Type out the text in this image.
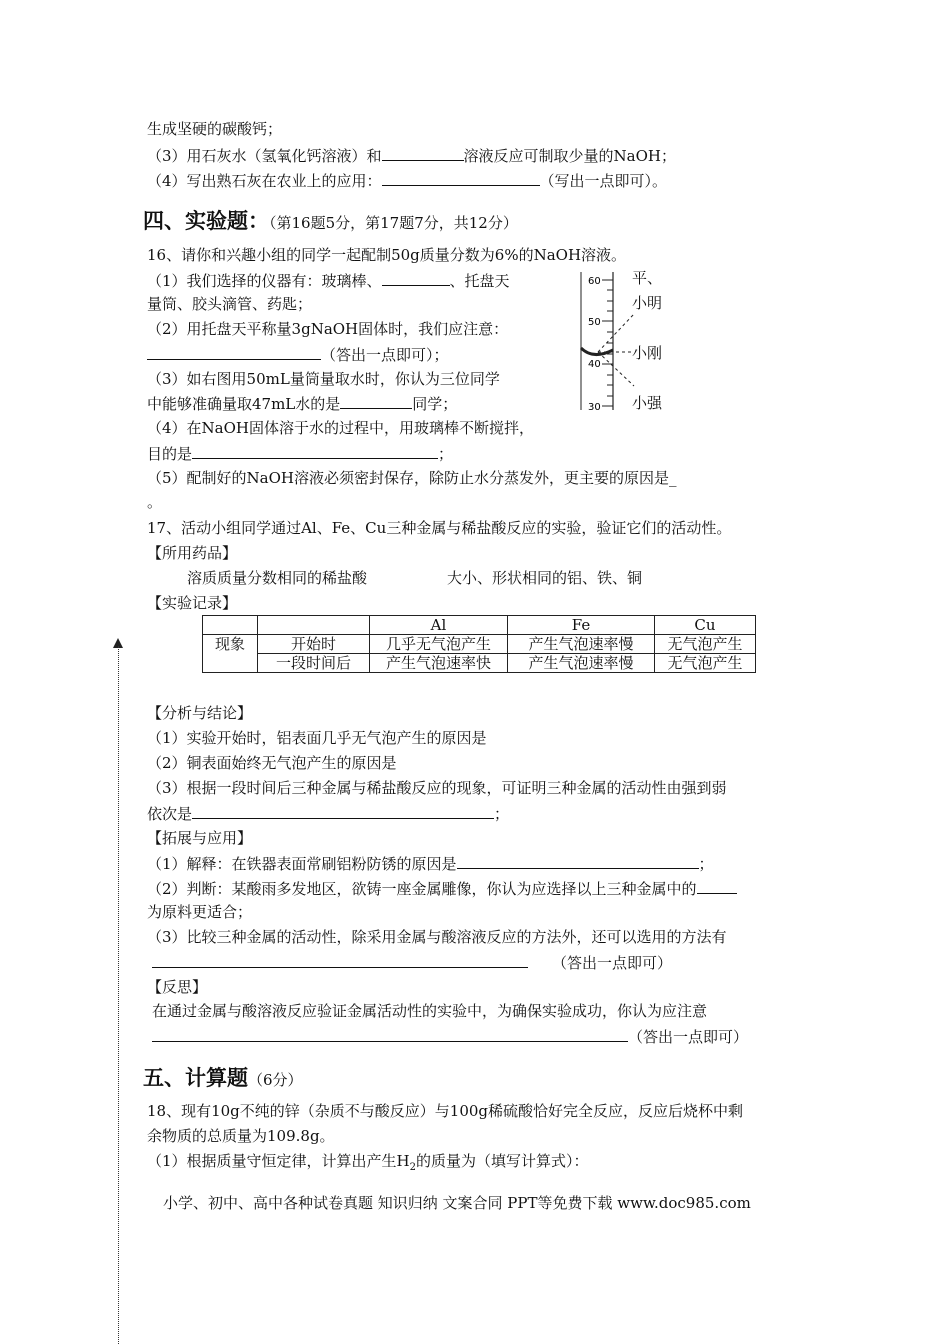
生成坚硬的碳酸钙；
（3）用石灰水（氢氧化钙溶液）和	溶液反应可制取少量的NaOH；
（4）写出熟石灰在农业上的应用：	（写出一点即可）。
四、实验题：（第16题5分，第17题7分，共12分）
16、请你和兴趣小组的同学一起配制50g质量分数为6%的NaOH溶液。
（1）我们选择的仪器有：玻璃棒、	、托盘天
量筒、胶头滴管、药匙；
（2）用托盘天平称量3gNaOH固体时，我们应注意：
（答出一点即可）；
（3）如右图用50mL量筒量取水时，你认为三位同学
中能够准确量取47mL水的是	同学；
（4）在NaOH固体溶于水的过程中，用玻璃棒不断搅拌，
目的是	；
（5）配制好的NaOH溶液必须密封保存，除防止水分蒸发外，更主要的原因是_
。
60
50
40
30
平、
小明
小刚
小强
17、活动小组同学通过Al、Fe、Cu三种金属与稀盐酸反应的实验，验证它们的活动性。
【所用药品】
溶质质量分数相同的稀盐酸	大小、形状相同的铝、铁、铜
【实验记录】
		Al	Fe	Cu
现象	开始时	几乎无气泡产生	产生气泡速率慢	无气泡产生
	一段时间后	产生气泡速率快	产生气泡速率慢	无气泡产生
【分析与结论】
（1）实验开始时，铝表面几乎无气泡产生的原因是
（2）铜表面始终无气泡产生的原因是
（3）根据一段时间后三种金属与稀盐酸反应的现象，可证明三种金属的活动性由强到弱
依次是	；
【拓展与应用】
（1）解释：在铁器表面常刷铝粉防锈的原因是	；
（2）判断：某酸雨多发地区，欲铸一座金属雕像，你认为应选择以上三种金属中的
为原料更适合；
（3）比较三种金属的活动性，除采用金属与酸溶液反应的方法外，还可以选用的方法有
（答出一点即可）
【反思】
在通过金属与酸溶液反应验证金属活动性的实验中，为确保实验成功，你认为应注意
（答出一点即可）
五、计算题（6分）
18、现有10g不纯的锌（杂质不与酸反应）与100g稀硫酸恰好完全反应，反应后烧杯中剩
余物质的总质量为109.8g。
（1）根据质量守恒定律，计算出产生$H_2$的质量为（填写计算式）：
小学、初中、高中各种试卷真题 知识归纳 文案合同 PPT等免费下载 www.doc985.com
